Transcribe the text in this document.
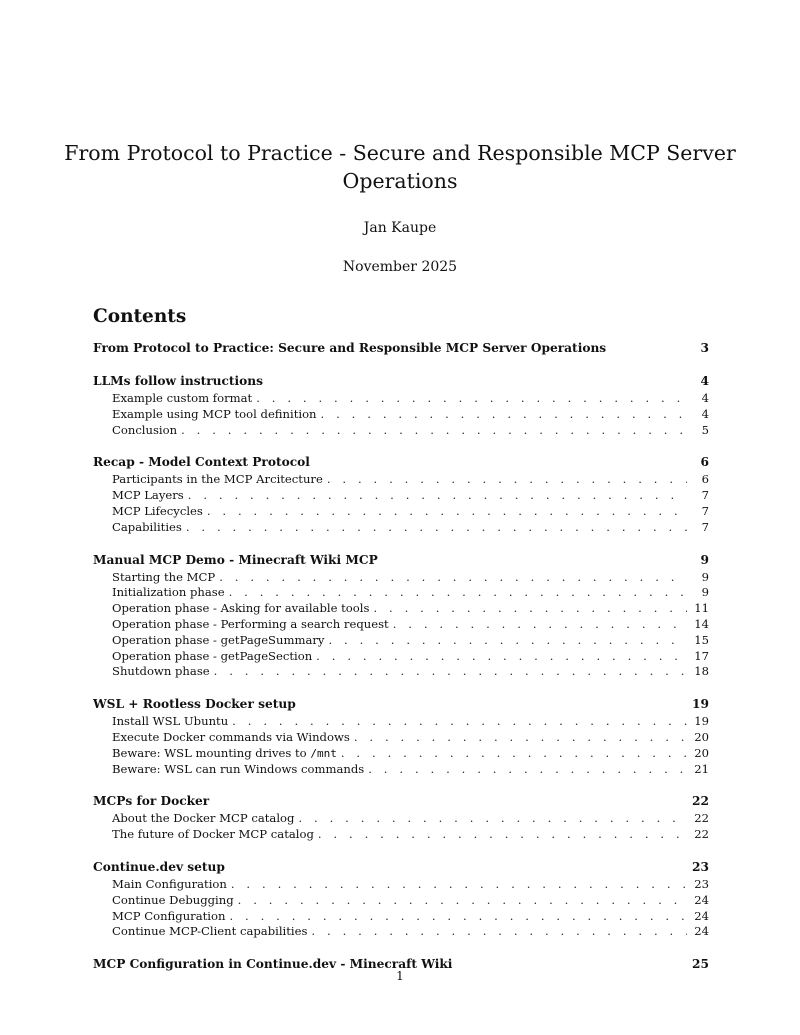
From Protocol to Practice - Secure and Responsible MCP Server Operations
Jan Kaupe
November 2025
Contents
From Protocol to Practice: Secure and Responsible MCP Server Operations	3
LLMs follow instructions	4
Example custom format . . .	4
Example using MCP tool definition . . .	4
Conclusion . . .	5
Recap - Model Context Protocol	6
Participants in the MCP Arcitecture . . .	6
MCP Layers . . .	7
MCP Lifecycles . . .	7
Capabilities . . .	7
Manual MCP Demo - Minecraft Wiki MCP	9
Starting the MCP . . .	9
Initialization phase . . .	9
Operation phase - Asking for available tools . . .	11
Operation phase - Performing a search request . . .	14
Operation phase - getPageSummary . . .	15
Operation phase - getPageSection . . .	17
Shutdown phase . . .	18
WSL + Rootless Docker setup	19
Install WSL Ubuntu . . .	19
Execute Docker commands via Windows . . .	20
Beware: WSL mounting drives to /mnt . . .	20
Beware: WSL can run Windows commands . . .	21
MCPs for Docker	22
About the Docker MCP catalog . . .	22
The future of Docker MCP catalog . . .	22
Continue.dev setup	23
Main Configuration . . .	23
Continue Debugging . . .	24
MCP Configuration . . .	24
Continue MCP-Client capabilities . . .	24
MCP Configuration in Continue.dev - Minecraft Wiki	25
1
